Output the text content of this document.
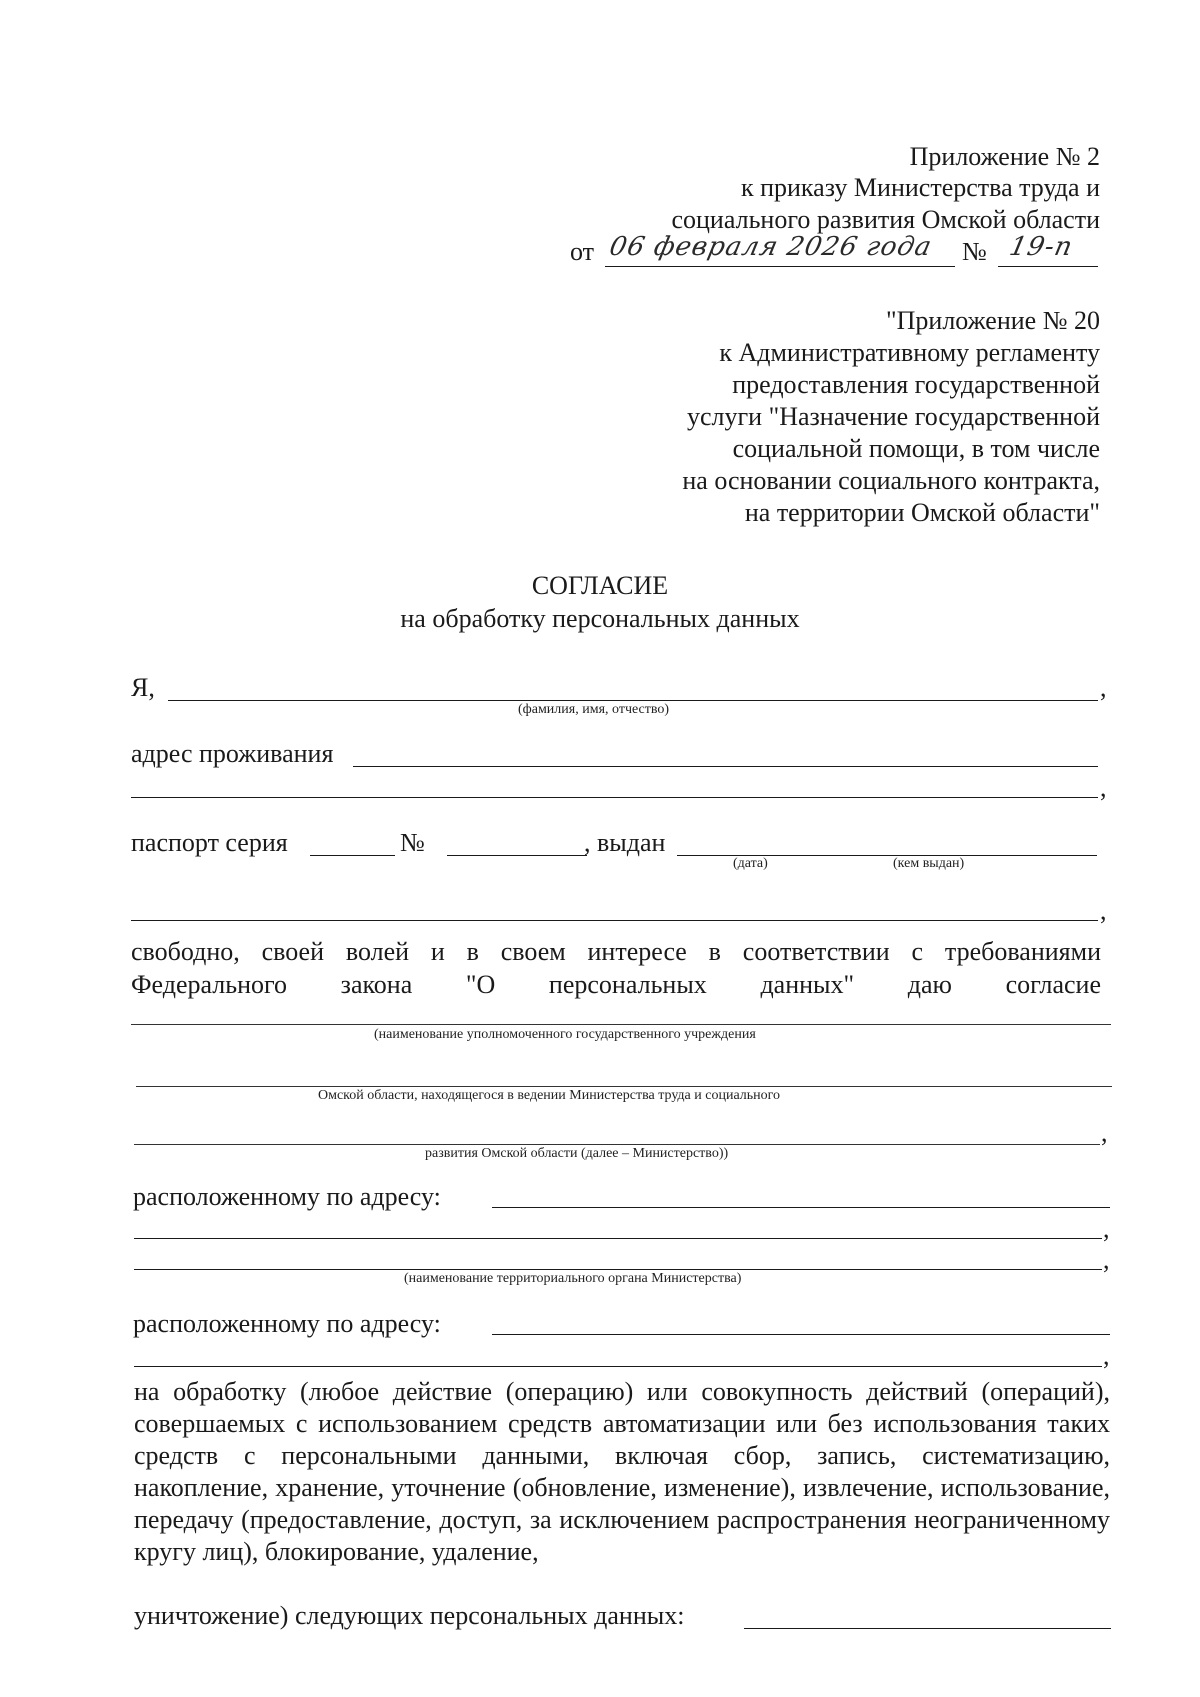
Приложение № 2
к приказу Министерства труда и
социального развития Омской области
от 06 февраля 2026 года № 19-п
"Приложение № 20
к Административному регламенту
предоставления государственной
услуги "Назначение государственной
социальной помощи, в том числе
на основании социального контракта,
на территории Омской области"
СОГЛАСИЕ
на обработку персональных данных
Я,	,
(фамилия, имя, отчество)
адрес проживания
,
паспорт серия	№	, выдан
(дата)	(кем выдан)
,
свободно, своей волей и в своем интересе в соответствии с требованиями
Федерального закона "О персональных данных" даю согласие
(наименование уполномоченного государственного учреждения
Омской области, находящегося в ведении Министерства труда и социального
,
развития Омской области (далее – Министерство))
расположенному по адресу:
,
,
(наименование территориального органа Министерства)
расположенному по адресу:
,
на обработку (любое действие (операцию) или совокупность действий (операций), совершаемых с использованием средств автоматизации или без использования таких средств с персональными данными, включая сбор, запись, систематизацию, накопление, хранение, уточнение (обновление, изменение), извлечение, использование, передачу (предоставление, доступ, за исключением распространения неограниченному кругу лиц), блокирование, удаление,
уничтожение) следующих персональных данных:
